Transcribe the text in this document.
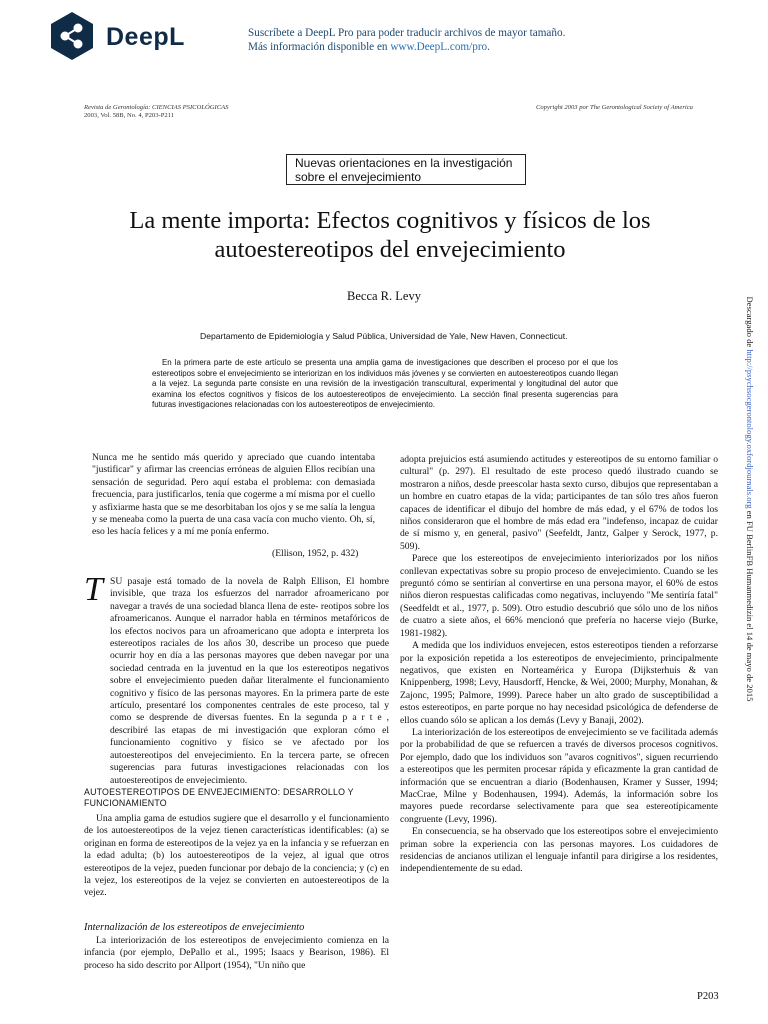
DeepL	Suscríbete a DeepL Pro para poder traducir archivos de mayor tamaño.
Más información disponible en www.DeepL.com/pro.
Revista de Gerontología: CIENCIAS PSICOLÓGICAS
2003, Vol. 58B, No. 4, P203-P211
Copyright 2003 por The Gerontological Society of America
Nuevas orientaciones en la investigación
sobre el envejecimiento
La mente importa: Efectos cognitivos y físicos de los
autoestereotipos del envejecimiento
Becca R. Levy
Departamento de Epidemiología y Salud Pública, Universidad de Yale, New Haven, Connecticut.
En la primera parte de este artículo se presenta una amplia gama de investigaciones que describen el proceso por el que los estereotipos sobre el envejecimiento se interiorizan en los individuos más jóvenes y se convierten en autoestereotipos cuando llegan a la vejez. La segunda parte consiste en una revisión de la investigación transcultural, experimental y longitudinal del autor que examina los efectos cognitivos y físicos de los autoestereotipos de envejecimiento. La sección final presenta sugerencias para futuras investigaciones relacionadas con los autoestereotipos de envejecimiento.
Descargado de http://psychsocgerontology.oxfordjournals.org en FU BerlinFB Humanmedizin el 14 de mayo de 2015
Nunca me he sentido más querido y apreciado que cuando intentaba "justificar" y afirmar las creencias erróneas de alguien Ellos recibían una sensación de seguridad. Pero aquí estaba el problema: con demasiada frecuencia, para justificarlos, tenía que cogerme a mí misma por el cuello y asfixiarme hasta que se me desorbitaban los ojos y se me salía la lengua y se meneaba como la puerta de una casa vacía con mucho viento. Oh, sí, eso les hacía felices y a mí me ponía enfermo.
(Ellison, 1952, p. 432)
T SU pasaje está tomado de la novela de Ralph Ellison, El hombre invisible, que traza los esfuerzos del narrador afroamericano por navegar a través de una sociedad blanca llena de este- reotipos sobre los afroamericanos. Aunque el narrador habla en términos metafóricos de los efectos nocivos para un afroamericano que adopta e interpreta los estereotipos raciales de los años 30, describe un proceso que puede ocurrir hoy en día a las personas mayores que deben navegar por una sociedad centrada en la juventud en la que los estereotipos negativos sobre el envejecimiento pueden dañar literalmente el funcionamiento cognitivo y físico de las personas mayores. En la primera parte de este artículo, presentaré los componentes centrales de este proceso, tal y como se desprende de diversas fuentes. En la segunda p a r t e , describiré las etapas de mi investigación que exploran cómo el funcionamiento cognitivo y físico se ve afectado por los autoestereotipos del envejecimiento. En la tercera parte, se ofrecen sugerencias para futuras investigaciones relacionadas con los autoestereotipos de envejecimiento.

AUTOESTEREOTIPOS DE ENVEJECIMIENTO: DESARROLLO Y FUNCIONAMIENTO

Una amplia gama de estudios sugiere que el desarrollo y el funcionamiento de los autoestereotipos de la vejez tienen características identificables: (a) se originan en forma de estereotipos de la vejez ya en la infancia y se refuerzan en la edad adulta; (b) los autoestereotipos de la vejez, al igual que otros estereotipos de la vejez, pueden funcionar por debajo de la conciencia; y (c) en la vejez, los estereotipos de la vejez se convierten en autoestereotipos de la vejez.

Internalización de los estereotipos de envejecimiento

La interiorización de los estereotipos de envejecimiento comienza en la infancia (por ejemplo, DePallo et al., 1995; Isaacs y Bearison, 1986). El proceso ha sido descrito por Allport (1954), "Un niño que

adopta prejuicios está asumiendo actitudes y estereotipos de su entorno familiar o cultural" (p. 297). El resultado de este proceso quedó ilustrado cuando se mostraron a niños, desde preescolar hasta sexto curso, dibujos que representaban a un hombre en cuatro etapas de la vida; participantes de tan sólo tres años fueron capaces de identificar el dibujo del hombre de más edad, y el 67% de todos los niños consideraron que el hombre de más edad era "indefenso, incapaz de cuidar de sí mismo y, en general, pasivo" (Seefeldt, Jantz, Galper y Serock, 1977, p. 509).

Parece que los estereotipos de envejecimiento interiorizados por los niños conllevan expectativas sobre su propio proceso de envejecimiento. Cuando se les preguntó cómo se sentirían al convertirse en una persona mayor, el 60% de estos niños dieron respuestas calificadas como negativas, incluyendo "Me sentiría fatal" (Seedfeldt et al., 1977, p. 509). Otro estudio descubrió que sólo uno de los niños de cuatro a siete años, el 66% mencionó que prefería no hacerse viejo (Burke, 1981-1982).

A medida que los individuos envejecen, estos estereotipos tienden a reforzarse por la exposición repetida a los estereotipos de envejecimiento, principalmente negativos, que existen en Norteamérica y Europa (Dijksterhuis & van Knippenberg, 1998; Levy, Hausdorff, Hencke, & Wei, 2000; Murphy, Monahan, & Zajonc, 1995; Palmore, 1999). Parece haber un alto grado de susceptibilidad a estos estereotipos, en parte porque no hay necesidad psicológica de defenderse de ellos cuando sólo se aplican a los demás (Levy y Banaji, 2002).

La interiorización de los estereotipos de envejecimiento se ve facilitada además por la probabilidad de que se refuercen a través de diversos procesos cognitivos. Por ejemplo, dado que los individuos son "avaros cognitivos", siguen recurriendo a estereotipos que les permiten procesar rápida y eficazmente la gran cantidad de información que se encuentran a diario (Bodenhausen, Kramer y Susser, 1994; MacCrae, Milne y Bodenhausen, 1994). Además, la información sobre los mayores puede recordarse selectivamente para que sea estereotípicamente congruente (Levy, 1996).

En consecuencia, se ha observado que los estereotipos sobre el envejecimiento priman sobre la experiencia con las personas mayores. Los cuidadores de residencias de ancianos utilizan el lenguaje infantil para dirigirse a los residentes, independientemente de su edad.

P203
